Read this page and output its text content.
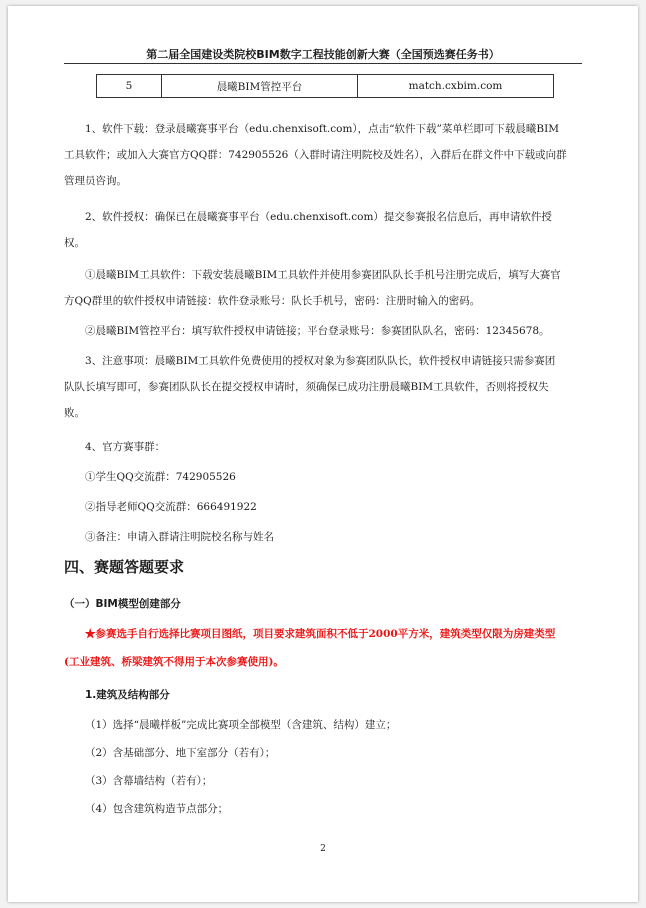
第二届全国建设类院校BIM数字工程技能创新大赛（全国预选赛任务书）
5	晨曦BIM管控平台	match.cxbim.com
1、软件下载：登录晨曦赛事平台（edu.chenxisoft.com），点击“软件下载”菜单栏即可下载晨曦BIM
工具软件；或加入大赛官方QQ群：742905526（入群时请注明院校及姓名），入群后在群文件中下载或向群
管理员咨询。
2、软件授权：确保已在晨曦赛事平台（edu.chenxisoft.com）提交参赛报名信息后，再申请软件授
权。
①晨曦BIM工具软件：下载安装晨曦BIM工具软件并使用参赛团队队长手机号注册完成后，填写大赛官
方QQ群里的软件授权申请链接：软件登录账号：队长手机号，密码：注册时输入的密码。
②晨曦BIM管控平台：填写软件授权申请链接；平台登录账号：参赛团队队名，密码：12345678。
3、注意事项：晨曦BIM工具软件免费使用的授权对象为参赛团队队长，软件授权申请链接只需参赛团
队队长填写即可，参赛团队队长在提交授权申请时，须确保已成功注册晨曦BIM工具软件，否则将授权失
败。
4、官方赛事群：
①学生QQ交流群：742905526
②指导老师QQ交流群：666491922
③备注：申请入群请注明院校名称与姓名
四、赛题答题要求
（一）BIM模型创建部分
★参赛选手自行选择比赛项目图纸，项目要求建筑面积不低于2000平方米，建筑类型仅限为房建类型
(工业建筑、桥梁建筑不得用于本次参赛使用)。
1.建筑及结构部分
（1）选择“晨曦样板”完成比赛项全部模型（含建筑、结构）建立；
（2）含基础部分、地下室部分（若有）；
（3）含幕墙结构（若有）；
（4）包含建筑构造节点部分；
2
